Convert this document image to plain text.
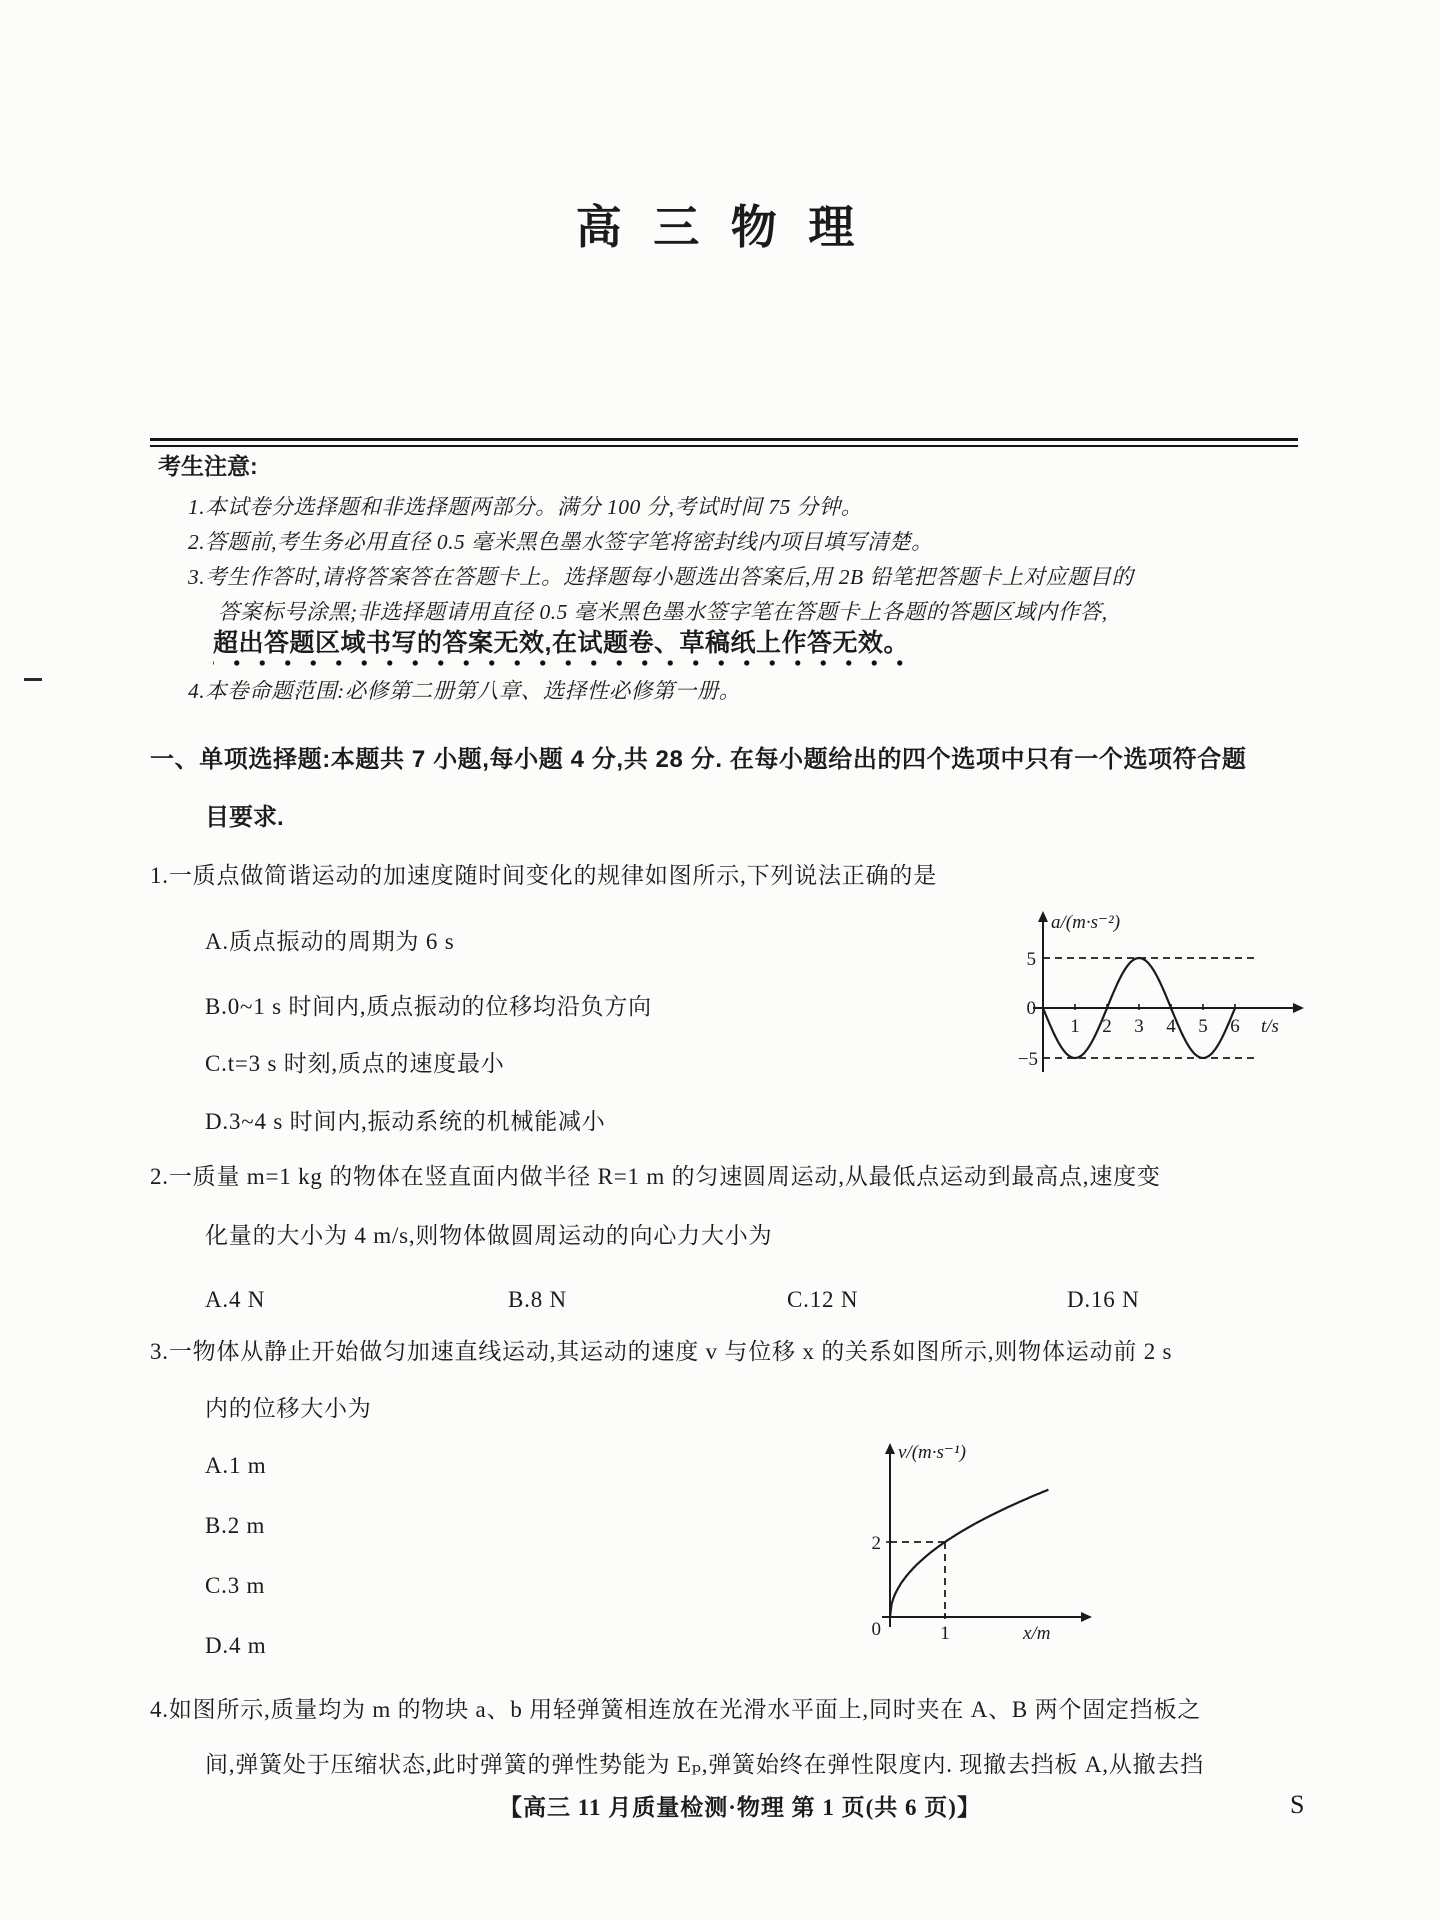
高 三 物 理
考生注意:
1.本试卷分选择题和非选择题两部分。满分 100 分,考试时间 75 分钟。
2.答题前,考生务必用直径 0.5 毫米黑色墨水签字笔将密封线内项目填写清楚。
3.考生作答时,请将答案答在答题卡上。选择题每小题选出答案后,用 2B 铅笔把答题卡上对应题目的
答案标号涂黑;非选择题请用直径 0.5 毫米黑色墨水签字笔在答题卡上各题的答题区域内作答,
超出答题区域书写的答案无效,在试题卷、草稿纸上作答无效。
4.本卷命题范围:必修第二册第八章、选择性必修第一册。
一、单项选择题:本题共 7 小题,每小题 4 分,共 28 分. 在每小题给出的四个选项中只有一个选项符合题
目要求.
1.一质点做简谐运动的加速度随时间变化的规律如图所示,下列说法正确的是
A.质点振动的周期为 6 s
B.0~1 s 时间内,质点振动的位移均沿负方向
C.t=3 s 时刻,质点的速度最小
D.3~4 s 时间内,振动系统的机械能减小
1 2 3 4 5 6
5
0
−5
t/s
a/(m·s⁻²)
2.一质量 m=1 kg 的物体在竖直面内做半径 R=1 m 的匀速圆周运动,从最低点运动到最高点,速度变
化量的大小为 4 m/s,则物体做圆周运动的向心力大小为
A.4 N	B.8 N	C.12 N	D.16 N
3.一物体从静止开始做匀加速直线运动,其运动的速度 v 与位移 x 的关系如图所示,则物体运动前 2 s
内的位移大小为
A.1 m
B.2 m
C.3 m
D.4 m
2
1
0	x/m
v/(m·s⁻¹)
4.如图所示,质量均为 m 的物块 a、b 用轻弹簧相连放在光滑水平面上,同时夹在 A、B 两个固定挡板之
间,弹簧处于压缩状态,此时弹簧的弹性势能为 Eₚ,弹簧始终在弹性限度内. 现撤去挡板 A,从撤去挡
【高三 11 月质量检测·物理 第 1 页(共 6 页)】	S
